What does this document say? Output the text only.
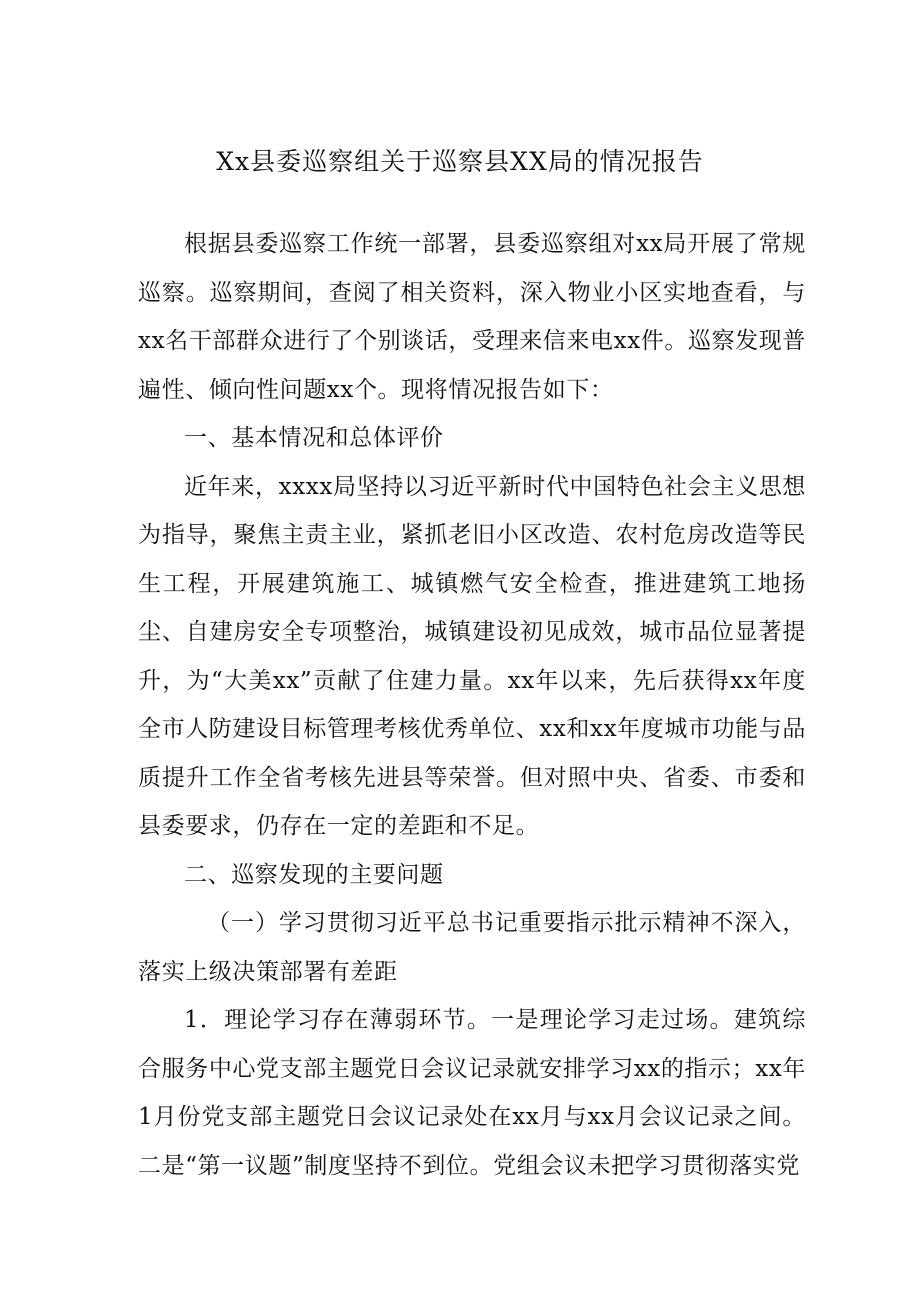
Xx县委巡察组关于巡察县XX局的情况报告

根据县委巡察工作统一部署，县委巡察组对xx局开展了常规巡察。巡察期间，查阅了相关资料，深入物业小区实地查看，与xx名干部群众进行了个别谈话，受理来信来电xx件。巡察发现普遍性、倾向性问题xx个。现将情况报告如下：

一、基本情况和总体评价

近年来，xxxx局坚持以习近平新时代中国特色社会主义思想为指导，聚焦主责主业，紧抓老旧小区改造、农村危房改造等民生工程，开展建筑施工、城镇燃气安全检查，推进建筑工地扬尘、自建房安全专项整治，城镇建设初见成效，城市品位显著提升，为“大美xx”贡献了住建力量。xx年以来，先后获得xx年度全市人防建设目标管理考核优秀单位、xx和xx年度城市功能与品质提升工作全省考核先进县等荣誉。但对照中央、省委、市委和县委要求，仍存在一定的差距和不足。

二、巡察发现的主要问题

（一）学习贯彻习近平总书记重要指示批示精神不深入，落实上级决策部署有差距

1．理论学习存在薄弱环节。一是理论学习走过场。建筑综合服务中心党支部主题党日会议记录就安排学习xx的指示；xx年1月份党支部主题党日会议记录处在xx月与xx月会议记录之间。二是“第一议题”制度坚持不到位。党组会议未把学习贯彻落实党
